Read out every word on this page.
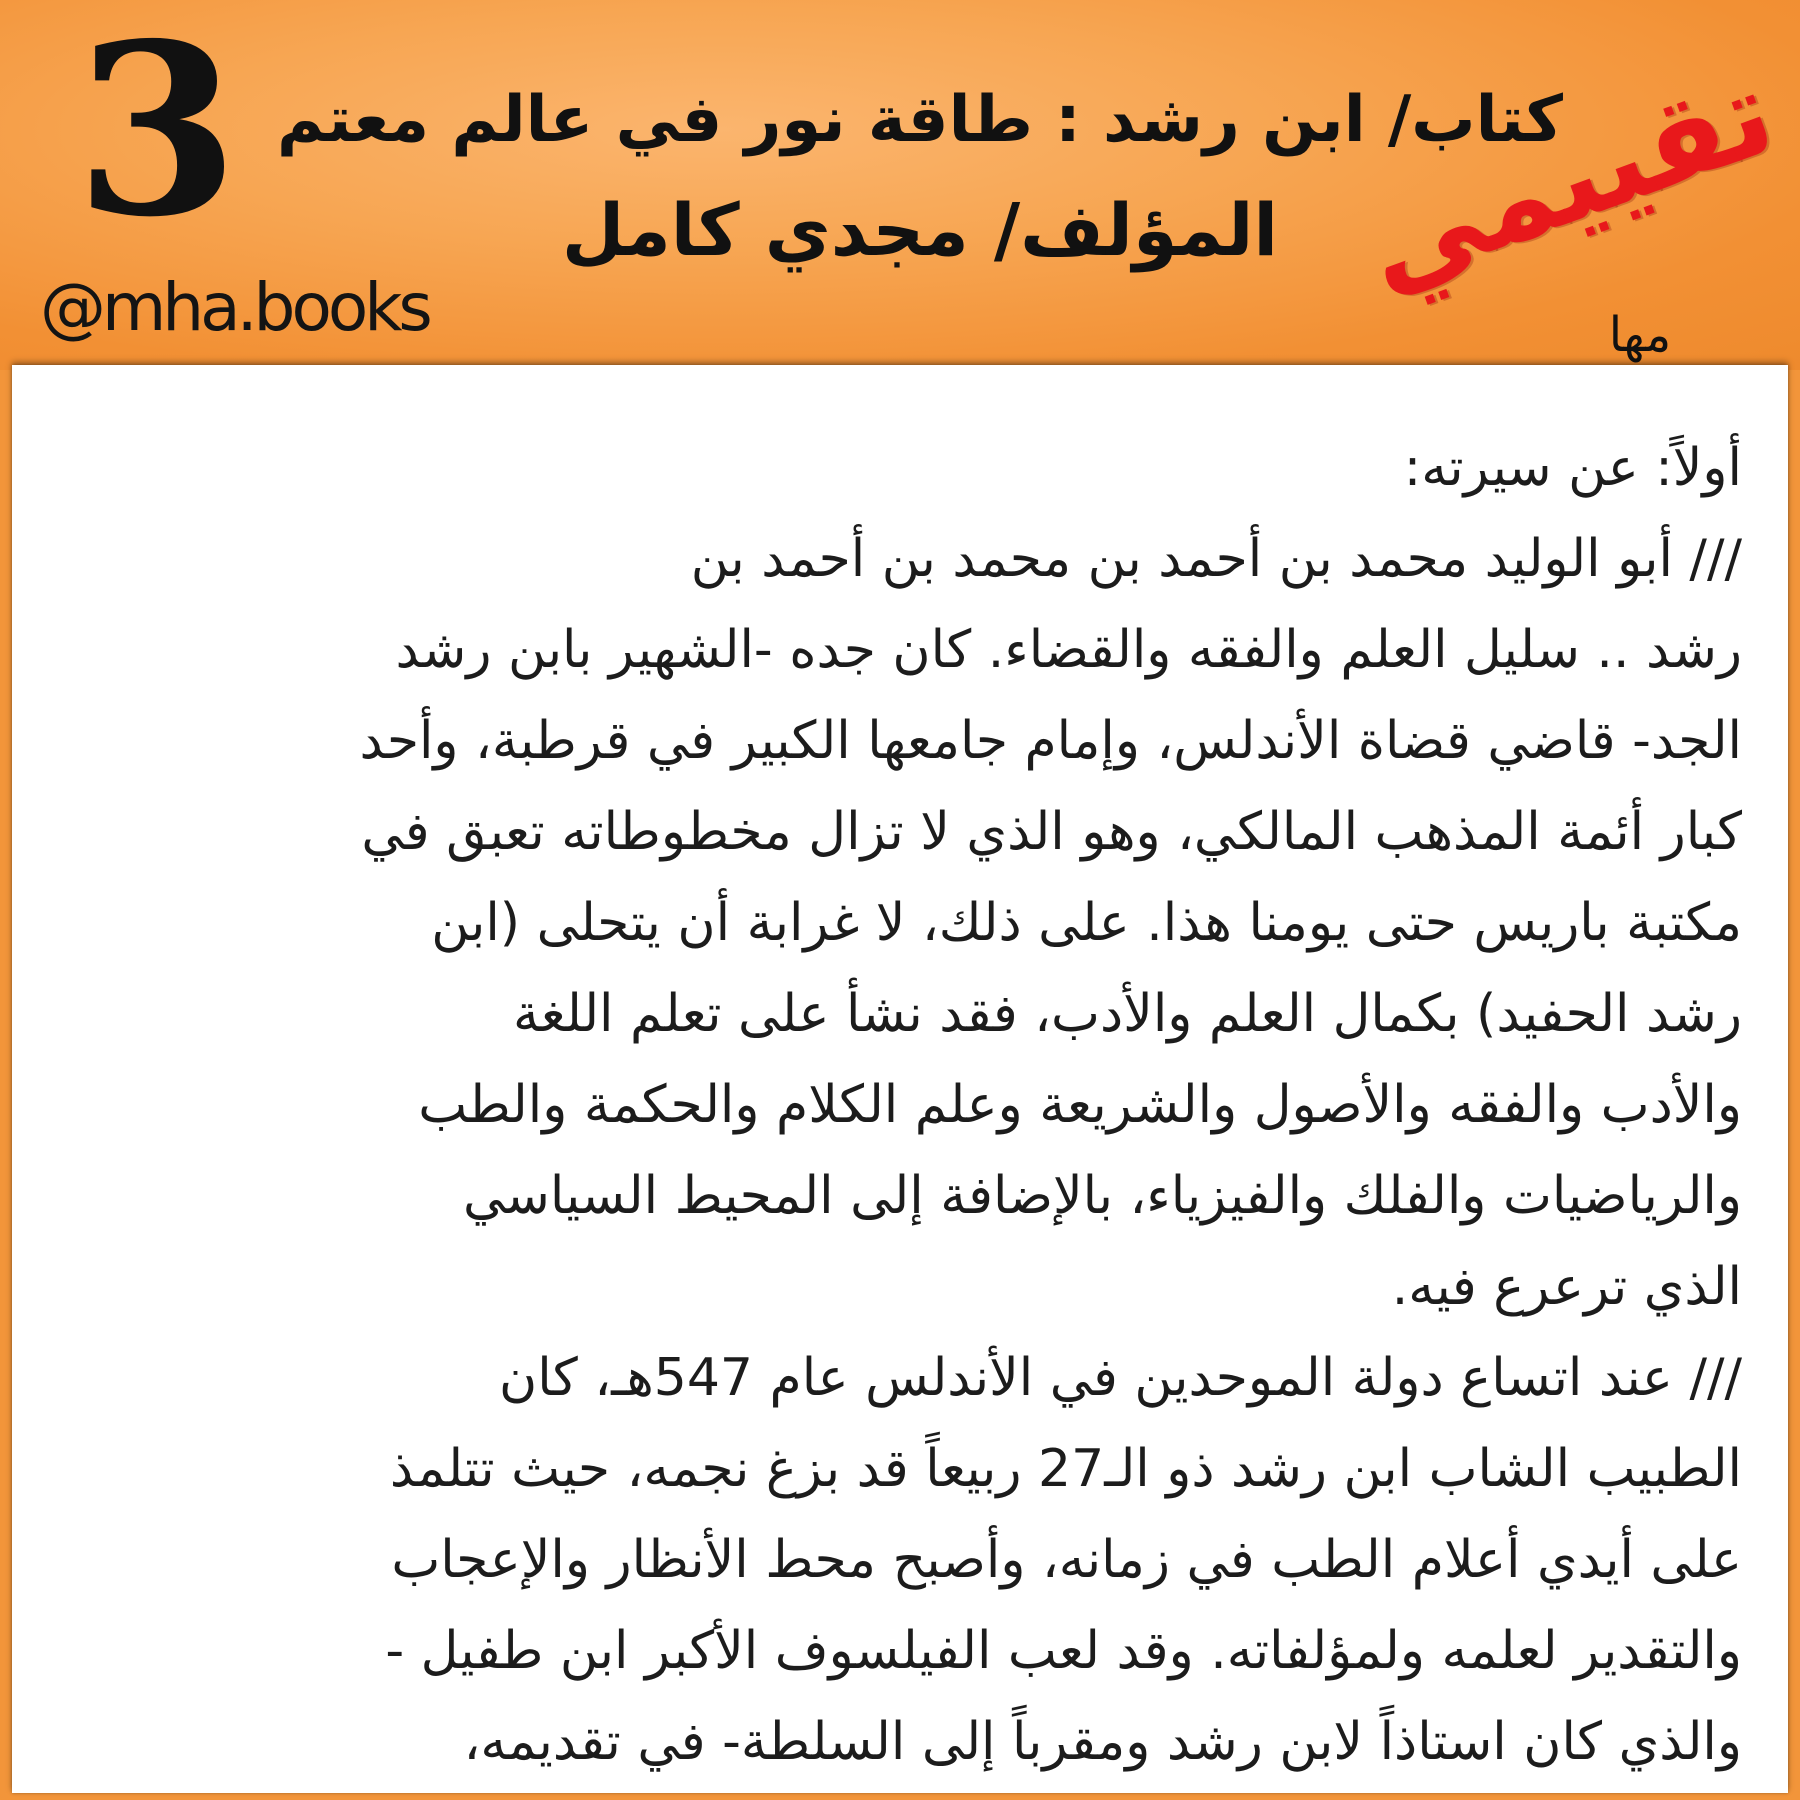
3
@mha.books
كتاب/ ابن رشد : طاقة نور في عالم معتم
المؤلف/ مجدي كامل تقييمي
مها
أولاً: عن سيرته:
/// أبو الوليد محمد بن أحمد بن محمد بن أحمد بن
رشد .. سليل العلم والفقه والقضاء. كان جده -الشهير بابن رشد
الجد- قاضي قضاة الأندلس، وإمام جامعها الكبير في قرطبة، وأحد
كبار أئمة المذهب المالكي، وهو الذي لا تزال مخطوطاته تعبق في
مكتبة باريس حتى يومنا هذا. على ذلك، لا غرابة أن يتحلى (ابن
رشد الحفيد) بكمال العلم والأدب، فقد نشأ على تعلم اللغة
والأدب والفقه والأصول والشريعة وعلم الكلام والحكمة والطب
والرياضيات والفلك والفيزياء، بالإضافة إلى المحيط السياسي
الذي ترعرع فيه.
/// عند اتساع دولة الموحدين في الأندلس عام 547هـ، كان
الطبيب الشاب ابن رشد ذو الـ27 ربيعاً قد بزغ نجمه، حيث تتلمذ
على أيدي أعلام الطب في زمانه، وأصبح محط الأنظار والإعجاب
والتقدير لعلمه ولمؤلفاته. وقد لعب الفيلسوف الأكبر ابن طفيل -
والذي كان استاذاً لابن رشد ومقرباً إلى السلطة- في تقديمه،
